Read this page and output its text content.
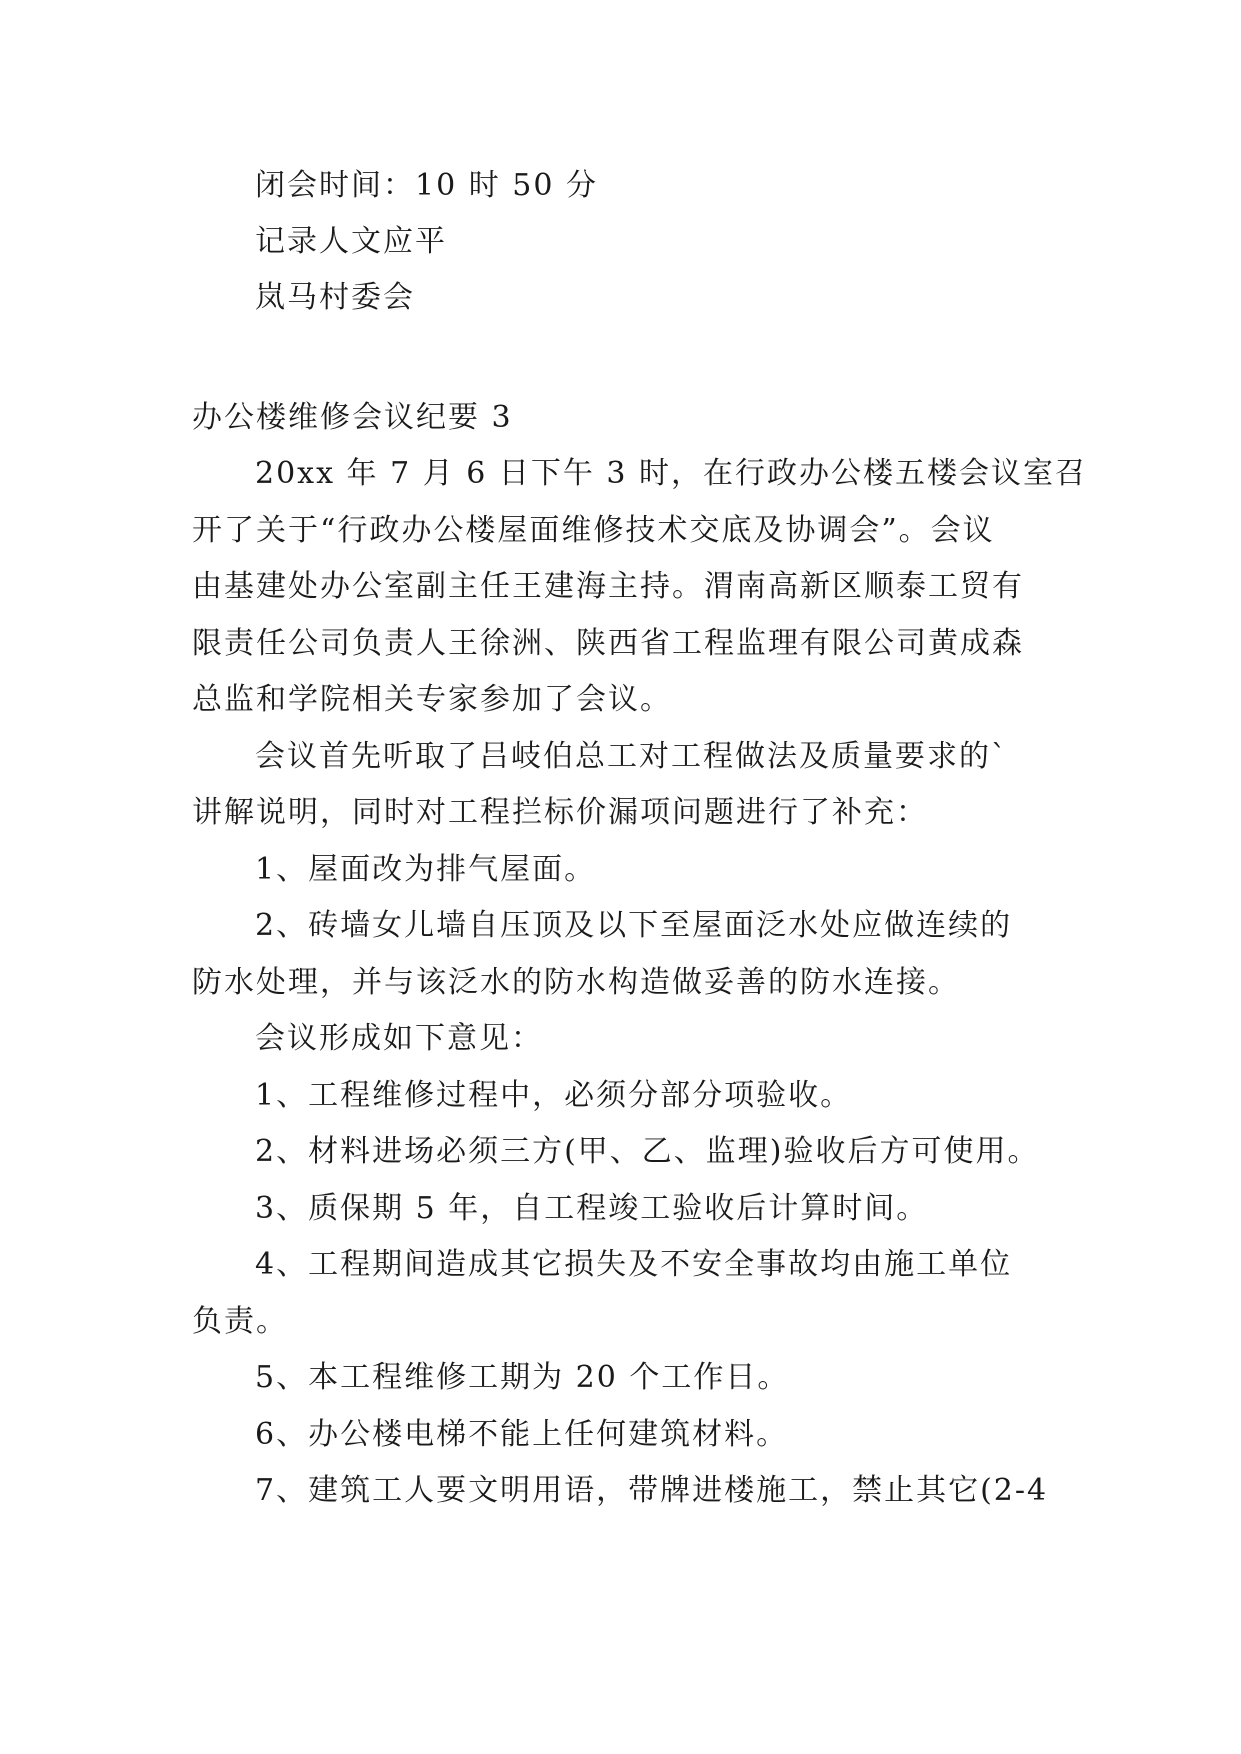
闭会时间：10 时 50 分
记录人文应平
岚马村委会
办公楼维修会议纪要 3
20xx 年 7 月 6 日下午 3 时，在行政办公楼五楼会议室召
开了关于“行政办公楼屋面维修技术交底及协调会”。会议
由基建处办公室副主任王建海主持。渭南高新区顺泰工贸有
限责任公司负责人王徐洲、陕西省工程监理有限公司黄成森
总监和学院相关专家参加了会议。
会议首先听取了吕岐伯总工对工程做法及质量要求的`
讲解说明，同时对工程拦标价漏项问题进行了补充：
1、屋面改为排气屋面。
2、砖墙女儿墙自压顶及以下至屋面泛水处应做连续的
防水处理，并与该泛水的防水构造做妥善的防水连接。
会议形成如下意见：
1、工程维修过程中，必须分部分项验收。
2、材料进场必须三方(甲、乙、监理)验收后方可使用。
3、质保期 5 年，自工程竣工验收后计算时间。
4、工程期间造成其它损失及不安全事故均由施工单位
负责。
5、本工程维修工期为 20 个工作日。
6、办公楼电梯不能上任何建筑材料。
7、建筑工人要文明用语，带牌进楼施工，禁止其它(2-4
